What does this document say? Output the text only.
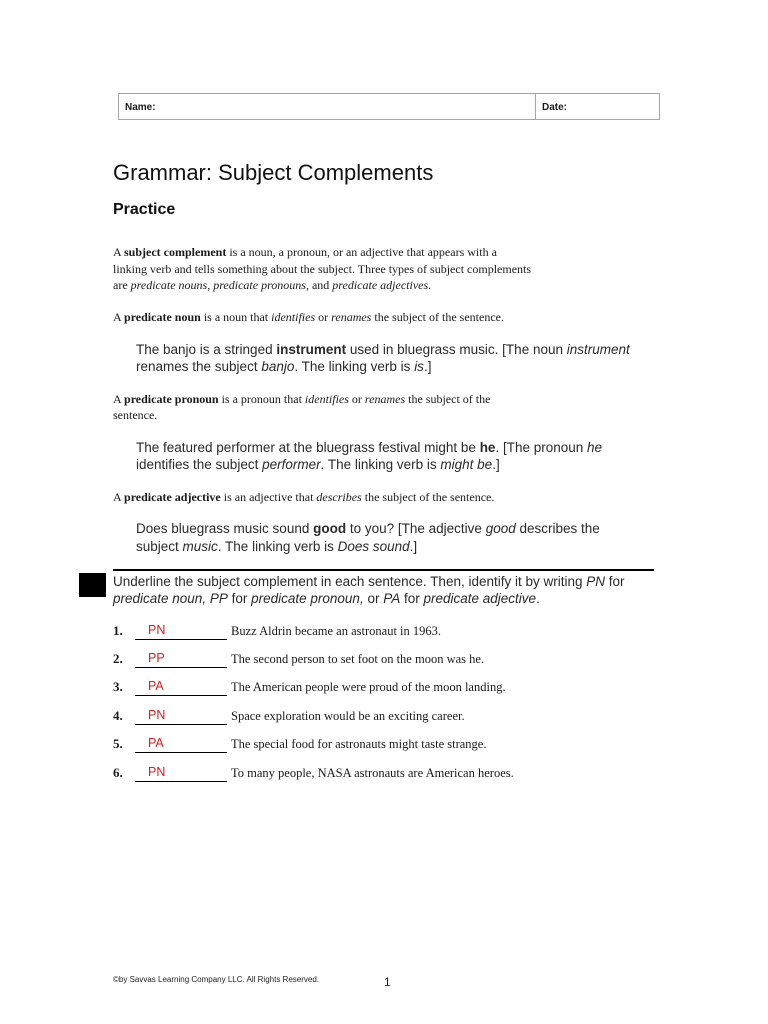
Name:	Date:
Grammar: Subject Complements
Practice
A subject complement is a noun, a pronoun, or an adjective that appears with a
linking verb and tells something about the subject. Three types of subject complements
are predicate nouns, predicate pronouns, and predicate adjectives.
A predicate noun is a noun that identifies or renames the subject of the sentence.
The banjo is a stringed instrument used in bluegrass music. [The noun instrument
renames the subject banjo. The linking verb is is.]
A predicate pronoun is a pronoun that identifies or renames the subject of the
sentence.
The featured performer at the bluegrass festival might be he. [The pronoun he
identifies the subject performer. The linking verb is might be.]
A predicate adjective is an adjective that describes the subject of the sentence.
Does bluegrass music sound good to you? [The adjective good describes the
subject music. The linking verb is Does sound.]
Underline the subject complement in each sentence. Then, identify it by writing PN for
predicate noun, PP for predicate pronoun, or PA for predicate adjective.
1. PN	Buzz Aldrin became an astronaut in 1963.
2. PP	The second person to set foot on the moon was he.
3. PA	The American people were proud of the moon landing.
4. PN	Space exploration would be an exciting career.
5. PA	The special food for astronauts might taste strange.
6. PN	To many people, NASA astronauts are American heroes.
©by Savvas Learning Company LLC. All Rights Reserved.	1
